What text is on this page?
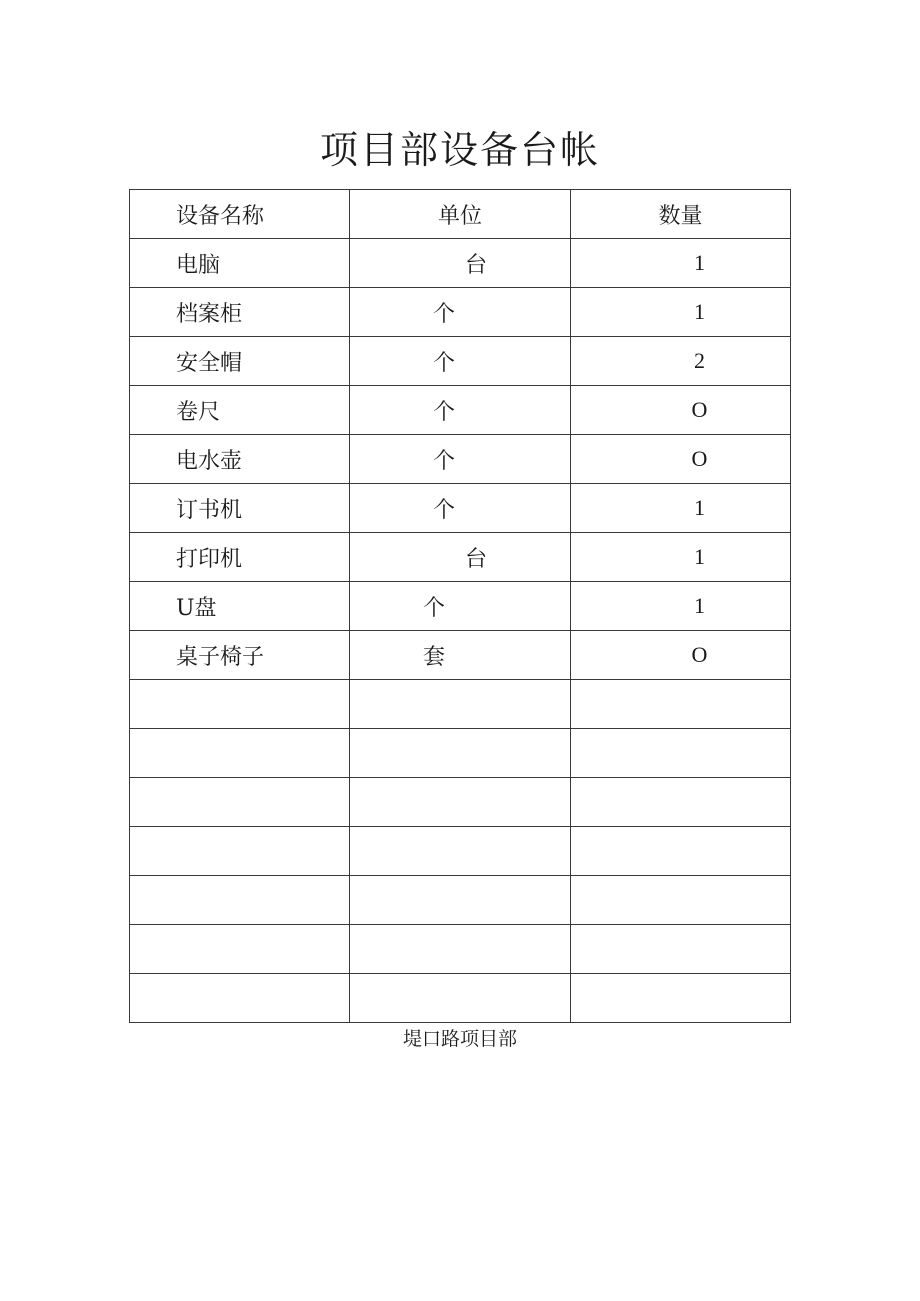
项目部设备台帐
设备名称	单位	数量
电脑	台	1
档案柜	个	1
安全帽	个	2
卷尺	个	O
电水壶	个	O
订书机	个	1
打印机	台	1
U盘	个	1
桌子椅子	套	O

堤口路项目部
